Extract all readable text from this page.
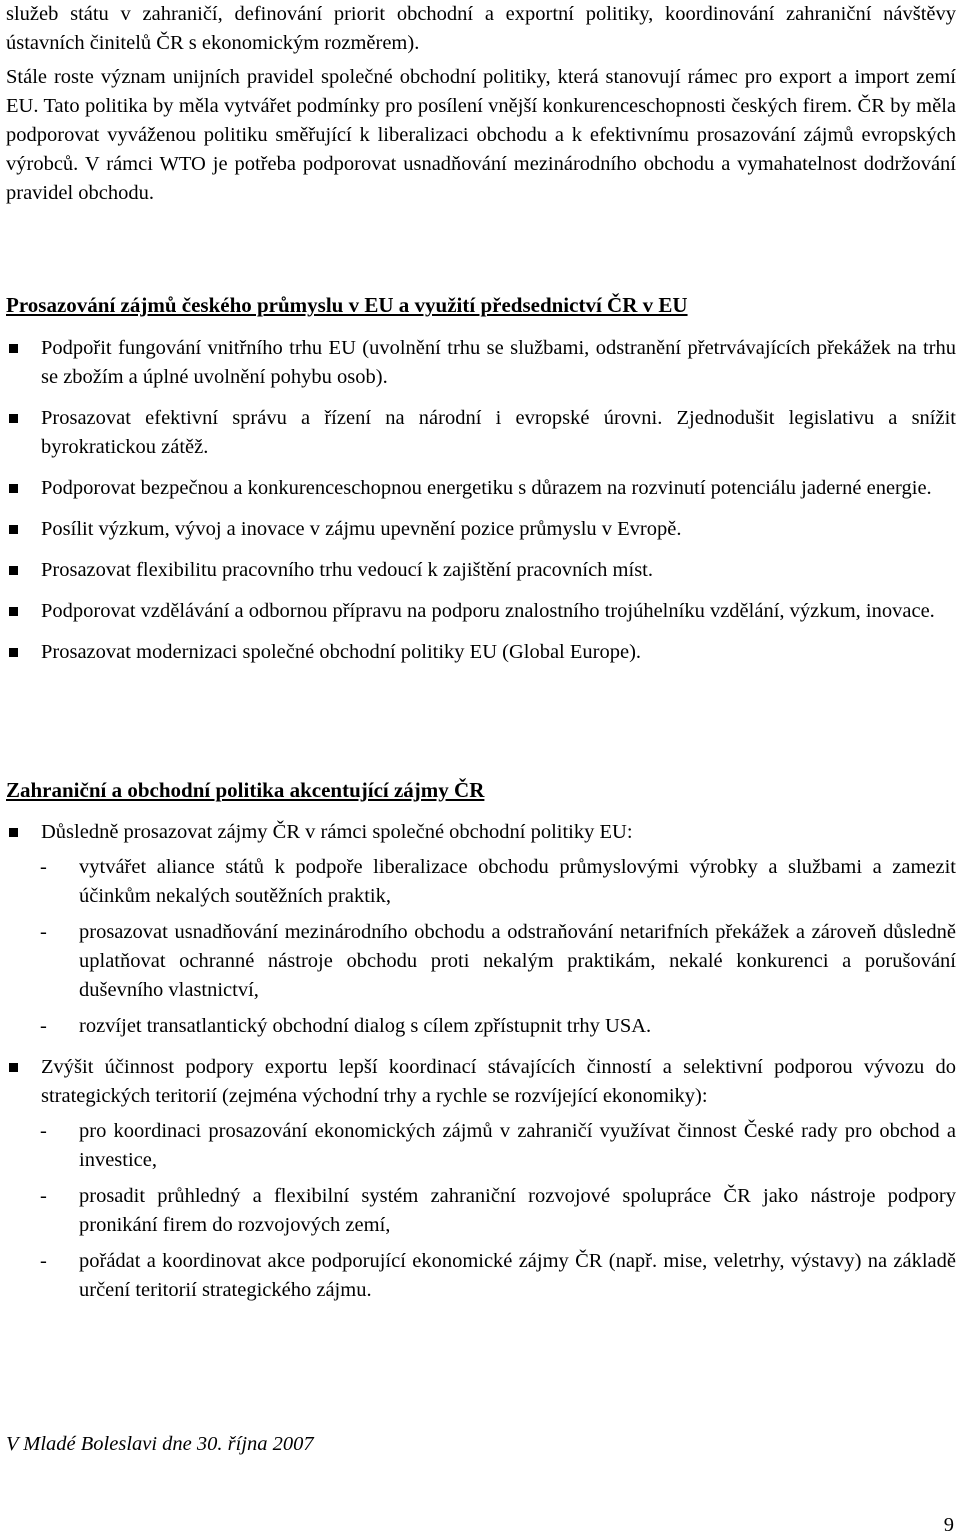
služeb státu v zahraničí, definování priorit obchodní a exportní politiky, koordinování zahraniční návštěvy ústavních činitelů ČR s ekonomickým rozměrem).

Stále roste význam unijních pravidel společné obchodní politiky, která stanovují rámec pro export a import zemí EU. Tato politika by měla vytvářet podmínky pro posílení vnější konkurenceschopnosti českých firem. ČR by měla podporovat vyváženou politiku směřující k liberalizaci obchodu a k efektivnímu prosazování zájmů evropských výrobců. V rámci WTO je potřeba podporovat usnadňování mezinárodního obchodu a vymahatelnost dodržování pravidel obchodu.

Prosazování zájmů českého průmyslu v EU a využití předsednictví ČR v EU
Podpořit fungování vnitřního trhu EU (uvolnění trhu se službami, odstranění přetrvávajících překážek na trhu se zbožím a úplné uvolnění pohybu osob).
Prosazovat efektivní správu a řízení na národní i evropské úrovni. Zjednodušit legislativu a snížit byrokratickou zátěž.
Podporovat bezpečnou a konkurenceschopnou energetiku s důrazem na rozvinutí potenciálu jaderné energie.
Posílit výzkum, vývoj a inovace v zájmu upevnění pozice průmyslu v Evropě.
Prosazovat flexibilitu pracovního trhu vedoucí k zajištění pracovních míst.
Podporovat vzdělávání a odbornou přípravu na podporu znalostního trojúhelníku vzdělání, výzkum, inovace.
Prosazovat modernizaci společné obchodní politiky EU (Global Europe).
Zahraniční a obchodní politika akcentující zájmy ČR
Důsledně prosazovat zájmy ČR v rámci společné obchodní politiky EU:
- vytvářet aliance států k podpoře liberalizace obchodu průmyslovými výrobky a službami a zamezit účinkům nekalých soutěžních praktik,
- prosazovat usnadňování mezinárodního obchodu a odstraňování netarifních překážek a zároveň důsledně uplatňovat ochranné nástroje obchodu proti nekalým praktikám, nekalé konkurenci a porušování duševního vlastnictví,
- rozvíjet transatlantický obchodní dialog s cílem zpřístupnit trhy USA.
Zvýšit účinnost podpory exportu lepší koordinací stávajících činností a selektivní podporou vývozu do strategických teritorií (zejména východní trhy a rychle se rozvíjející ekonomiky):
- pro koordinaci prosazování ekonomických zájmů v zahraničí využívat činnost České rady pro obchod a investice,
- prosadit průhledný a flexibilní systém zahraniční rozvojové spolupráce ČR jako nástroje podpory pronikání firem do rozvojových zemí,
- pořádat a koordinovat akce podporující ekonomické zájmy ČR (např. mise, veletrhy, výstavy) na základě určení teritorií strategického zájmu.
V Mladé Boleslavi dne 30. října 2007
9
